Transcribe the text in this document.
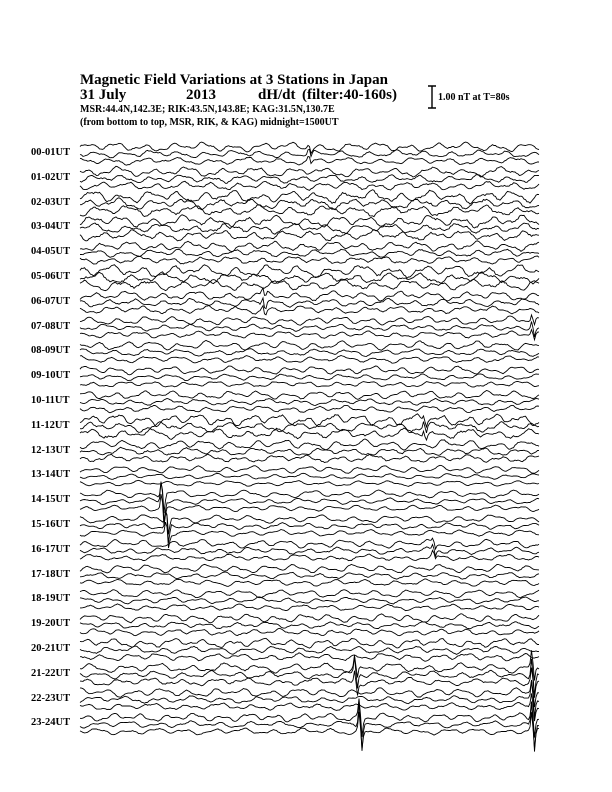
Magnetic Field Variations at 3 Stations in Japan
31 July	2013	dH/dt (filter:40-160s)
MSR:44.4N,142.3E; RIK:43.5N,143.8E; KAG:31.5N,130.7E
(from bottom to top, MSR, RIK, & KAG) midnight=1500UT
1.00 nT at T=80s
00-01UT
01-02UT
02-03UT
03-04UT
04-05UT
05-06UT
06-07UT
07-08UT
08-09UT
09-10UT
10-11UT
11-12UT
12-13UT
13-14UT
14-15UT
15-16UT
16-17UT
17-18UT
18-19UT
19-20UT
20-21UT
21-22UT
22-23UT
23-24UT
